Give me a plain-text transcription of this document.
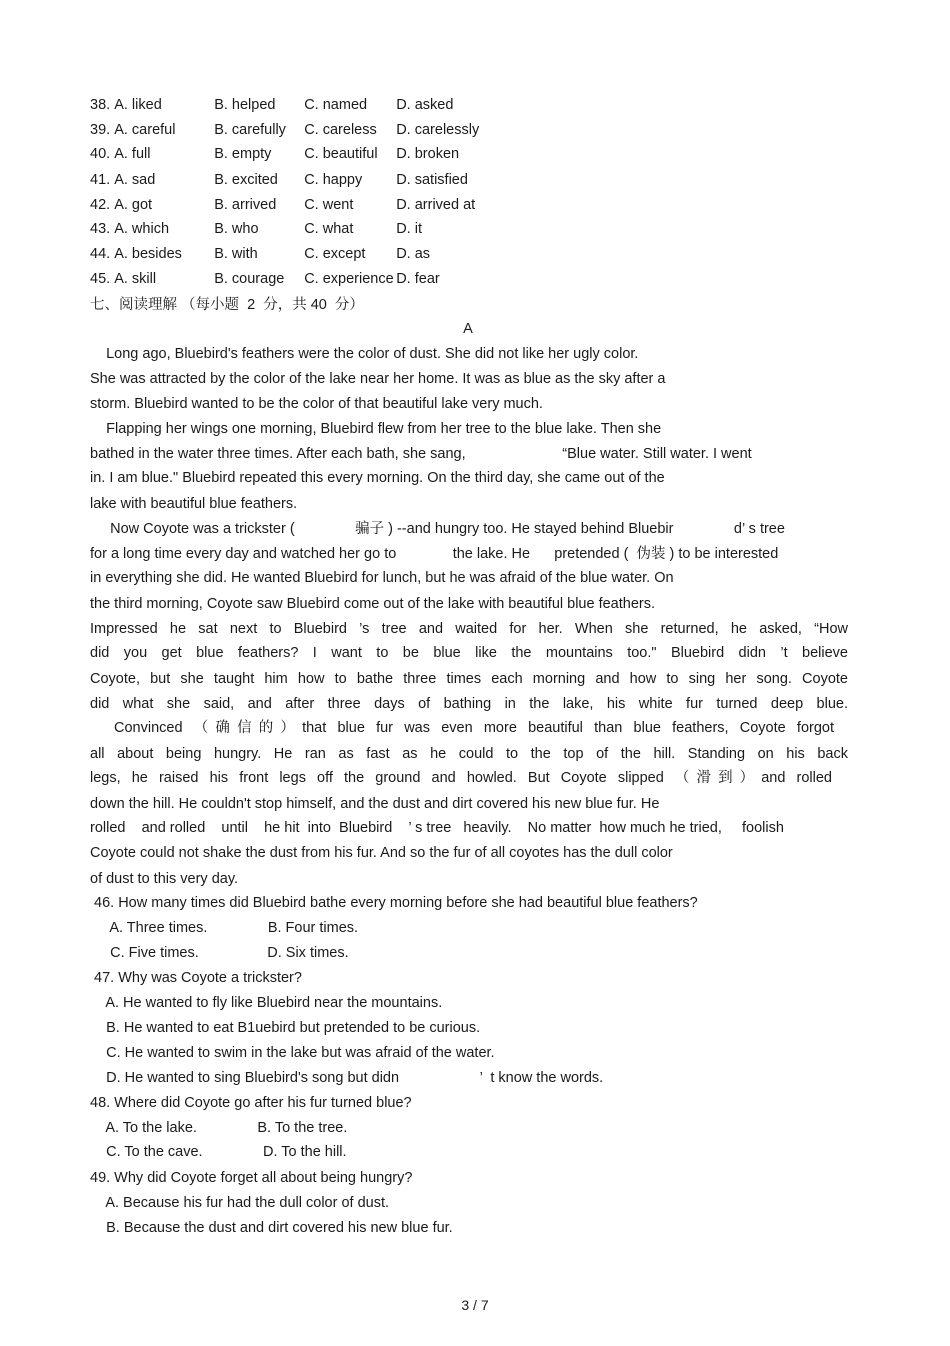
38. A. liked	B. helped C. named D. asked
39. A. careful	B. carefully C. careless D. carelessly
40. A. full	B. empty C. beautiful D. broken
41. A. sad	B. excited C. happy D. satisfied
42. A. got	B. arrived C. went	D. arrived at
43. A. which	B. who	C. what	D. it
44. A. besides B. with	C. except D. as
45. A. skill	B. courage C. experience D. fear
七、阅读理解 （每小题  2  分，共 40  分）
A
Long ago, Bluebird's feathers were the color of dust. She did not like her ugly color.
She was attracted by the color of the lake near her home. It was as blue as the sky after a
storm. Bluebird wanted to be the color of that beautiful lake very much.
Flapping her wings one morning, Bluebird flew from her tree to the blue lake. Then she
bathed in the water three times. After each bath, she sang,                        “Blue water. Still water. I went
in. I am blue." Bluebird repeated this every morning. On the third day, she came out of the
lake with beautiful blue feathers.
Now Coyote was a trickster (               骗子 ) --and hungry too. He stayed behind Bluebir               d’ s tree
for a long time every day and watched her go to              the lake. He      pretended (  伪装 ) to be interested
in everything she did. He wanted Bluebird for lunch, but he was afraid of the blue water. On
the third morning, Coyote saw Bluebird come out of the lake with beautiful blue feathers.
Impressed he sat next to Bluebird ’s tree and waited for her. When she returned, he asked, “How
did you get blue feathers? I want to be blue like the mountains too." Bluebird didn ’t believe
Coyote, but she taught him how to bathe three times each morning and how to sing her song. Coyote
did what she said, and after three days of bathing in the lake, his white fur turned deep blue.
Convinced （确信的）that blue fur was even more beautiful than blue feathers, Coyote forgot
all about being hungry. He ran as fast as he could to the top of the hill. Standing on his back
legs, he raised his front legs off the ground and howled. But Coyote slipped （滑到）and rolled
down the hill. He couldn't stop himself, and the dust and dirt covered his new blue fur. He
rolled    and rolled    until    he hit  into  Bluebird    ’ s tree   heavily.    No matter  how much he tried,     foolish
Coyote could not shake the dust from his fur. And so the fur of all coyotes has the dull color
of dust to this very day.
46. How many times did Bluebird bathe every morning before she had beautiful blue feathers?
A. Three times.               B. Four times.
C. Five times.                 D. Six times.
47. Why was Coyote a trickster?
A. He wanted to fly like Bluebird near the mountains.
B. He wanted to eat B1uebird but pretended to be curious.
C. He wanted to swim in the lake but was afraid of the water.
D. He wanted to sing Bluebird's song but didn                    ’  t know the words.
48. Where did Coyote go after his fur turned blue?
A. To the lake.               B. To the tree.
C. To the cave.               D. To the hill.
49. Why did Coyote forget all about being hungry?
A. Because his fur had the dull color of dust.
B. Because the dust and dirt covered his new blue fur.
3 / 7
